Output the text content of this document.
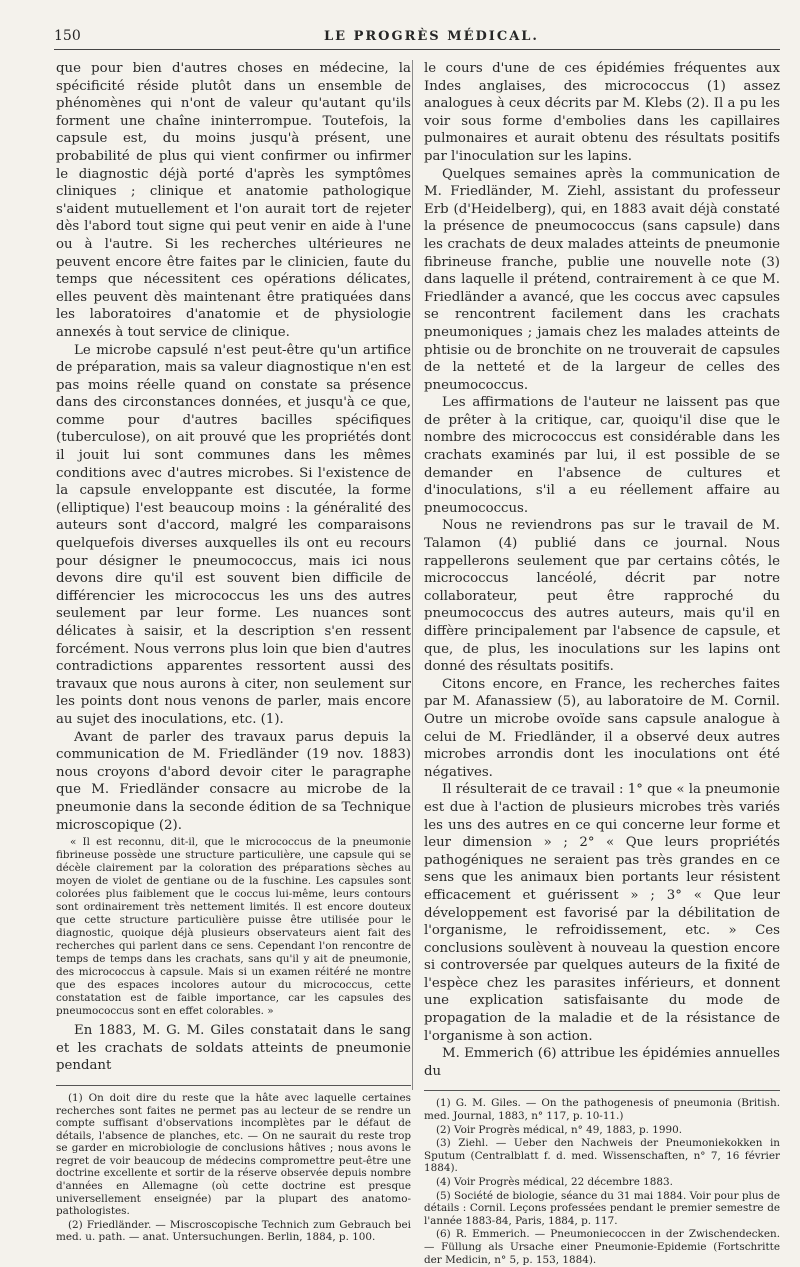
150	LE PROGRÈS MÉDICAL.

que pour bien d'autres choses en médecine, la spécificité réside plutôt dans un ensemble de phénomènes qui n'ont de valeur qu'autant qu'ils forment une chaîne ininterrompue. Toutefois, la capsule est, du moins jusqu'à présent, une probabilité de plus qui vient confirmer ou infirmer le diagnostic déjà porté d'après les symptômes cliniques ; clinique et anatomie pathologique s'aident mutuellement et l'on aurait tort de rejeter dès l'abord tout signe qui peut venir en aide à l'une ou à l'autre. Si les recherches ultérieures ne peuvent encore être faites par le clinicien, faute du temps que nécessitent ces opérations délicates, elles peuvent dès maintenant être pratiquées dans les laboratoires d'anatomie et de physiologie annexés à tout service de clinique.

Le microbe capsulé n'est peut-être qu'un artifice de préparation, mais sa valeur diagnostique n'en est pas moins réelle quand on constate sa présence dans des circonstances données, et jusqu'à ce que, comme pour d'autres bacilles spécifiques (tuberculose), on ait prouvé que les propriétés dont il jouit lui sont communes dans les mêmes conditions avec d'autres microbes. Si l'existence de la capsule enveloppante est discutée, la forme (elliptique) l'est beaucoup moins : la généralité des auteurs sont d'accord, malgré les comparaisons quelquefois diverses auxquelles ils ont eu recours pour désigner le pneumococcus, mais ici nous devons dire qu'il est souvent bien difficile de différencier les micrococcus les uns des autres seulement par leur forme. Les nuances sont délicates à saisir, et la description s'en ressent forcément. Nous verrons plus loin que bien d'autres contradictions apparentes ressortent aussi des travaux que nous aurons à citer, non seulement sur les points dont nous venons de parler, mais encore au sujet des inoculations, etc. (1).

Avant de parler des travaux parus depuis la communication de M. Friedländer (19 nov. 1883) nous croyons d'abord devoir citer le paragraphe que M. Friedländer consacre au microbe de la pneumonie dans la seconde édition de sa Technique microscopique (2).

« Il est reconnu, dit-il, que le micrococcus de la pneumonie fibrineuse possède une structure particulière, une capsule qui se décèle clairement par la coloration des préparations sèches au moyen de violet de gentiane ou de la fuschine. Les capsules sont colorées plus faiblement que le coccus lui-même, leurs contours sont ordinairement très nettement limités. Il est encore douteux que cette structure particulière puisse être utilisée pour le diagnostic, quoique déjà plusieurs observateurs aient fait des recherches qui parlent dans ce sens. Cependant l'on rencontre de temps de temps dans les crachats, sans qu'il y ait de pneumonie, des micrococcus à capsule. Mais si un examen réitéré ne montre que des espaces incolores autour du micrococcus, cette constatation est de faible importance, car les capsules des pneumococcus sont en effet colorables. »

En 1883, M. G. M. Giles constatait dans le sang et les crachats de soldats atteints de pneumonie pendant

(1) On doit dire du reste que la hâte avec laquelle certaines recherches sont faites ne permet pas au lecteur de se rendre un compte suffisant d'observations incomplètes par le défaut de détails, l'absence de planches, etc. — On ne saurait du reste trop se garder en microbiologie de conclusions hâtives ; nous avons le regret de voir beaucoup de médecins compromettre peut-être une doctrine excellente et sortir de la réserve observée depuis nombre d'années en Allemagne (où cette doctrine est presque universellement enseignée) par la plupart des anatomo-pathologistes.

(2) Friedländer. — Miscroscopische Technich zum Gebrauch bei med. u. path. — anat. Untersuchungen. Berlin, 1884, p. 100.

le cours d'une de ces épidémies fréquentes aux Indes anglaises, des micrococcus (1) assez analogues à ceux décrits par M. Klebs (2). Il a pu les voir sous forme d'embolies dans les capillaires pulmonaires et aurait obtenu des résultats positifs par l'inoculation sur les lapins.

Quelques semaines après la communication de M. Friedländer, M. Ziehl, assistant du professeur Erb (d'Heidelberg), qui, en 1883 avait déjà constaté la présence de pneumococcus (sans capsule) dans les crachats de deux malades atteints de pneumonie fibrineuse franche, publie une nouvelle note (3) dans laquelle il prétend, contrairement à ce que M. Friedländer a avancé, que les coccus avec capsules se rencontrent facilement dans les crachats pneumoniques ; jamais chez les malades atteints de phtisie ou de bronchite on ne trouverait de capsules de la netteté et de la largeur de celles des pneumococcus.

Les affirmations de l'auteur ne laissent pas que de prêter à la critique, car, quoiqu'il dise que le nombre des micrococcus est considérable dans les crachats examinés par lui, il est possible de se demander en l'absence de cultures et d'inoculations, s'il a eu réellement affaire au pneumococcus.

Nous ne reviendrons pas sur le travail de M. Talamon (4) publié dans ce journal. Nous rappellerons seulement que par certains côtés, le micrococcus lancéolé, décrit par notre collaborateur, peut être rapproché du pneumococcus des autres auteurs, mais qu'il en diffère principalement par l'absence de capsule, et que, de plus, les inoculations sur les lapins ont donné des résultats positifs.

Citons encore, en France, les recherches faites par M. Afanassiew (5), au laboratoire de M. Cornil. Outre un microbe ovoïde sans capsule analogue à celui de M. Friedländer, il a observé deux autres microbes arrondis dont les inoculations ont été négatives.

Il résulterait de ce travail : 1° que « la pneumonie est due à l'action de plusieurs microbes très variés les uns des autres en ce qui concerne leur forme et leur dimension » ; 2° « Que leurs propriétés pathogéniques ne seraient pas très grandes en ce sens que les animaux bien portants leur résistent efficacement et guérissent » ; 3° « Que leur développement est favorisé par la débilitation de l'organisme, le refroidissement, etc. » Ces conclusions soulèvent à nouveau la question encore si controversée par quelques auteurs de la fixité de l'espèce chez les parasites inférieurs, et donnent une explication satisfaisante du mode de propagation de la maladie et de la résistance de l'organisme à son action.

M. Emmerich (6) attribue les épidémies annuelles du

(1) G. M. Giles. — On the pathogenesis of pneumonia (British. med. Journal, 1883, n° 117, p. 10-11.)

(2) Voir Progrès médical, n° 49, 1883, p. 1990.

(3) Ziehl. — Ueber den Nachweis der Pneumoniekokken in Sputum (Centralblatt f. d. med. Wissenschaften, n° 7, 16 février 1884).

(4) Voir Progrès médical, 22 décembre 1883.

(5) Société de biologie, séance du 31 mai 1884. Voir pour plus de détails : Cornil. Leçons professées pendant le premier semestre de l'année 1883-84, Paris, 1884, p. 117.

(6) R. Emmerich. — Pneumoniecoccen in der Zwischendecken. — Füllung als Ursache einer Pneumonie-Epidemie (Fortschritte der Medicin, n° 5, p. 153, 1884).
